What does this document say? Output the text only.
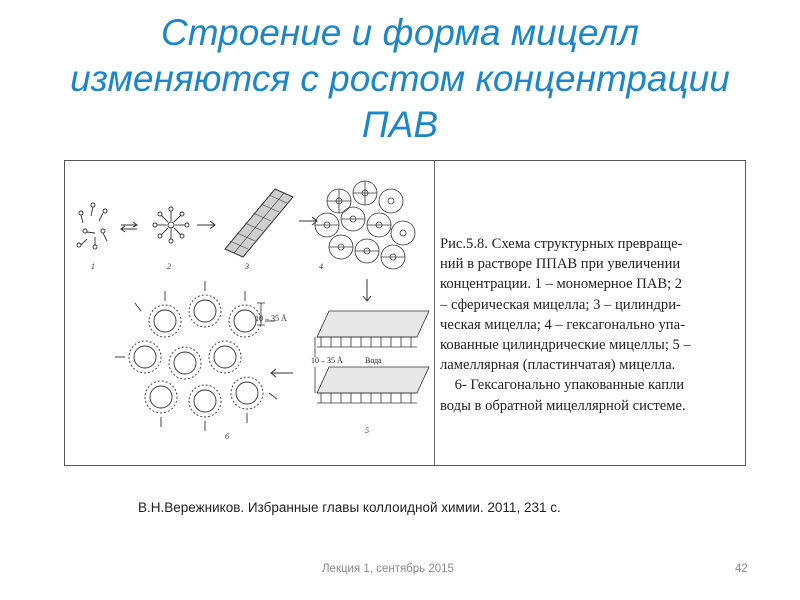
Строение и форма мицелл
изменяются с ростом концентрации
ПАВ
1	2	3	4
10 – 35 Å	Вода
5
10 – 35 Å
6
Рис.5.8. Схема структурных превраще-
ний в растворе ППАВ при увеличении
концентрации. 1 – мономерное ПАВ; 2
– сферическая мицелла; 3 – цилиндри-
ческая мицелла; 4 – гексагонально упа-
кованные цилиндрические мицеллы; 5 –
ламеллярная (пластинчатая) мицелла.
6- Гексагонально упакованные капли
воды в обратной мицеллярной системе.
В.Н.Вережников. Избранные главы коллоидной химии. 2011, 231 с.
Лекция 1, сентябрь 2015	42
